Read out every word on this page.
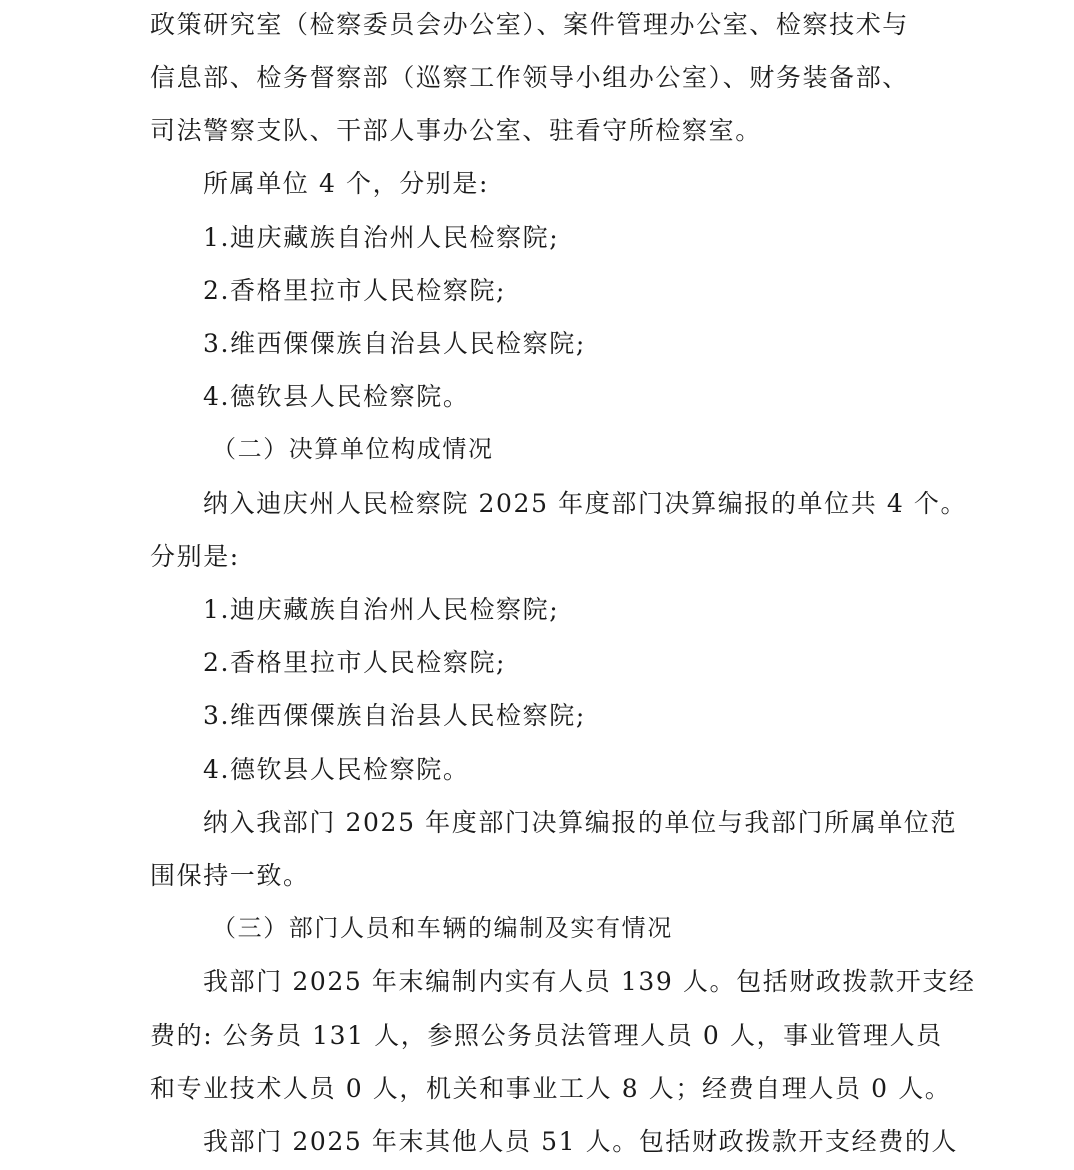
政策研究室（检察委员会办公室）、案件管理办公室、检察技术与
信息部、检务督察部（巡察工作领导小组办公室）、财务装备部、
司法警察支队、干部人事办公室、驻看守所检察室。
所属单位 4 个，分别是:
1.迪庆藏族自治州人民检察院;
2.香格里拉市人民检察院;
3.维西傈僳族自治县人民检察院;
4.德钦县人民检察院。
（二）决算单位构成情况
纳入迪庆州人民检察院 2025 年度部门决算编报的单位共 4 个。
分别是:
1.迪庆藏族自治州人民检察院;
2.香格里拉市人民检察院;
3.维西傈僳族自治县人民检察院;
4.德钦县人民检察院。
纳入我部门 2025 年度部门决算编报的单位与我部门所属单位范
围保持一致。
（三）部门人员和车辆的编制及实有情况
我部门 2025 年末编制内实有人员 139 人。包括财政拨款开支经
费的: 公务员 131 人，参照公务员法管理人员 0 人，事业管理人员
和专业技术人员 0 人，机关和事业工人 8 人；经费自理人员 0 人。
我部门 2025 年末其他人员 51 人。包括财政拨款开支经费的人
